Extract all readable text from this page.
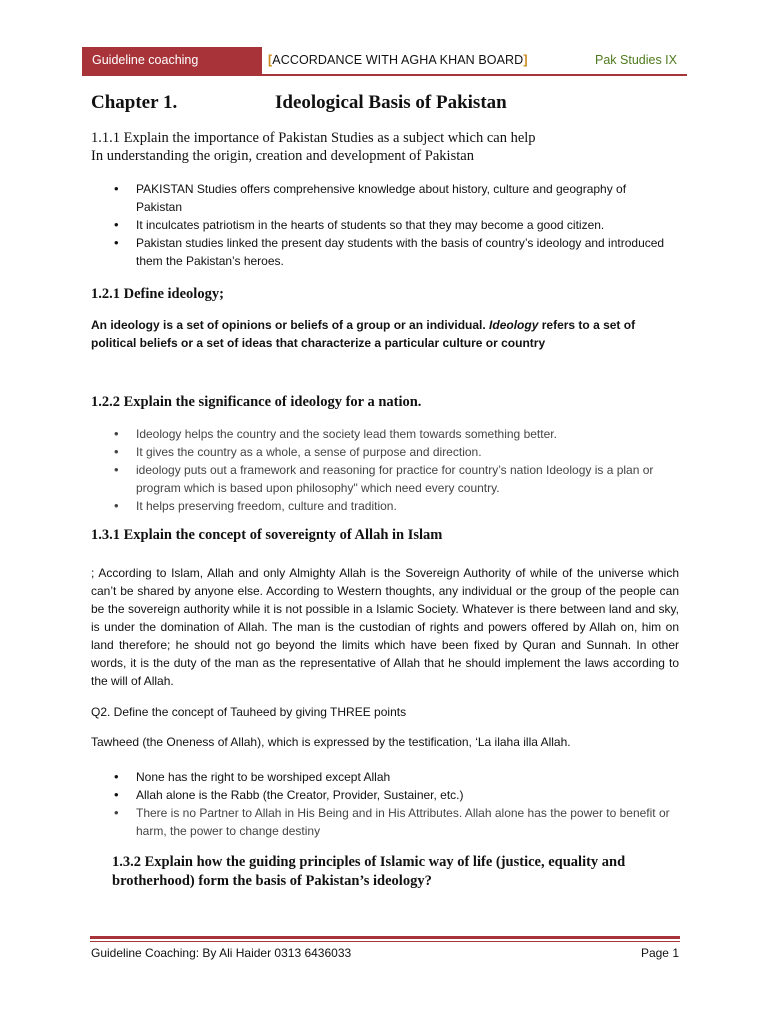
Guideline coaching	[ACCORDANCE WITH AGHA KHAN BOARD]	Pak Studies IX
Chapter 1.	Ideological Basis of Pakistan
1.1.1 Explain the importance of Pakistan Studies as a subject which can help
In understanding the origin, creation and development of Pakistan
• PAKISTAN Studies offers comprehensive knowledge about history, culture and geography of Pakistan
• It inculcates patriotism in the hearts of students so that they may become a good citizen.
• Pakistan studies linked the present day students with the basis of country’s ideology and introduced them the Pakistan’s heroes.
1.2.1 Define ideology;
An ideology is a set of opinions or beliefs of a group or an individual. Ideology refers to a set of political beliefs or a set of ideas that characterize a particular culture or country
1.2.2 Explain the significance of ideology for a nation.
• Ideology helps the country and the society lead them towards something better.
• It gives the country as a whole, a sense of purpose and direction.
• ideology puts out a framework and reasoning for practice for country’s nation Ideology is a plan or program which is based upon philosophy" which need every country.
• It helps preserving freedom, culture and tradition.
1.3.1 Explain the concept of sovereignty of Allah in Islam
; According to Islam, Allah and only Almighty Allah is the Sovereign Authority of while of the universe which can’t be shared by anyone else. According to Western thoughts, any individual or the group of the people can be the sovereign authority while it is not possible in a Islamic Society. Whatever is there between land and sky, is under the domination of Allah. The man is the custodian of rights and powers offered by Allah on, him on land therefore; he should not go beyond the limits which have been fixed by Quran and Sunnah. In other words, it is the duty of the man as the representative of Allah that he should implement the laws according to the will of Allah.
Q2. Define the concept of Tauheed by giving THREE points
Tawheed (the Oneness of Allah), which is expressed by the testification, ‘La ilaha illa Allah.
• None has the right to be worshiped except Allah
• Allah alone is the Rabb (the Creator, Provider, Sustainer, etc.)
• There is no Partner to Allah in His Being and in His Attributes. Allah alone has the power to benefit or harm, the power to change destiny
1.3.2 Explain how the guiding principles of Islamic way of life (justice, equality and brotherhood) form the basis of Pakistan’s ideology?
Guideline Coaching: By Ali Haider 0313 6436033	Page 1
